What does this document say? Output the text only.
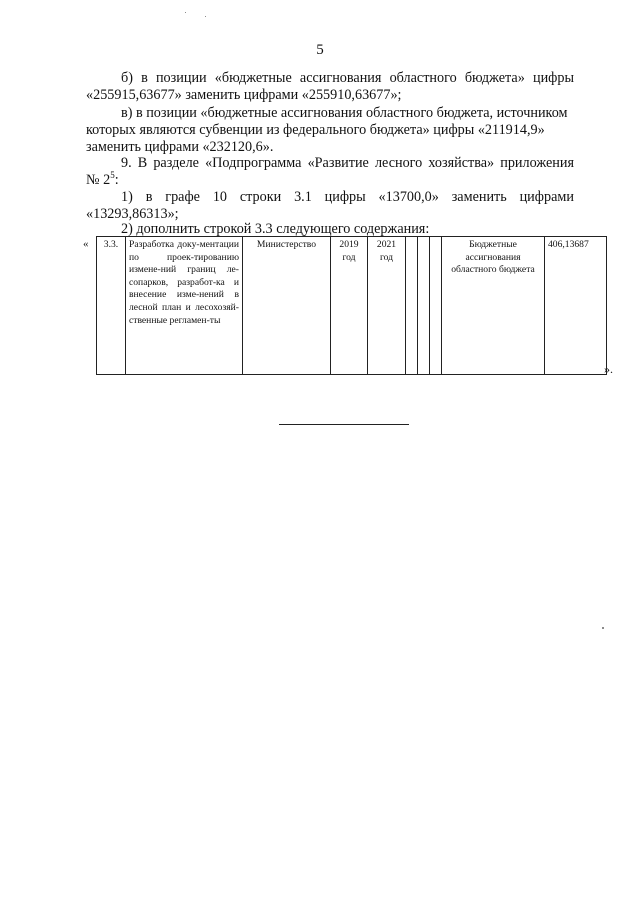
5
б) в позиции «бюджетные ассигнования областного бюджета» цифры
«255915,63677» заменить цифрами «255910,63677»;
в) в позиции «бюджетные ассигнования областного бюджета, источником
которых являются субвенции из федерального бюджета» цифры «211914,9»
заменить цифрами «232120,6».
9. В разделе «Подпрограмма «Развитие лесного хозяйства» приложения
№ $2^5$:
1) в графе 10 строки 3.1 цифры «13700,0» заменить цифрами
«13293,86313»;
2) дополнить строкой 3.3 следующего содержания:
« 3.3.	Разработка доку-ментации по проек-тированию измене-ний границ ле-сопарков, разработ-ка и внесение изме-нений в лесной план и лесохозяй-ственные регламен-ты	Министерство	2019 год	2021 год				Бюджетные ассигнования областного бюджета	406,13687
».
